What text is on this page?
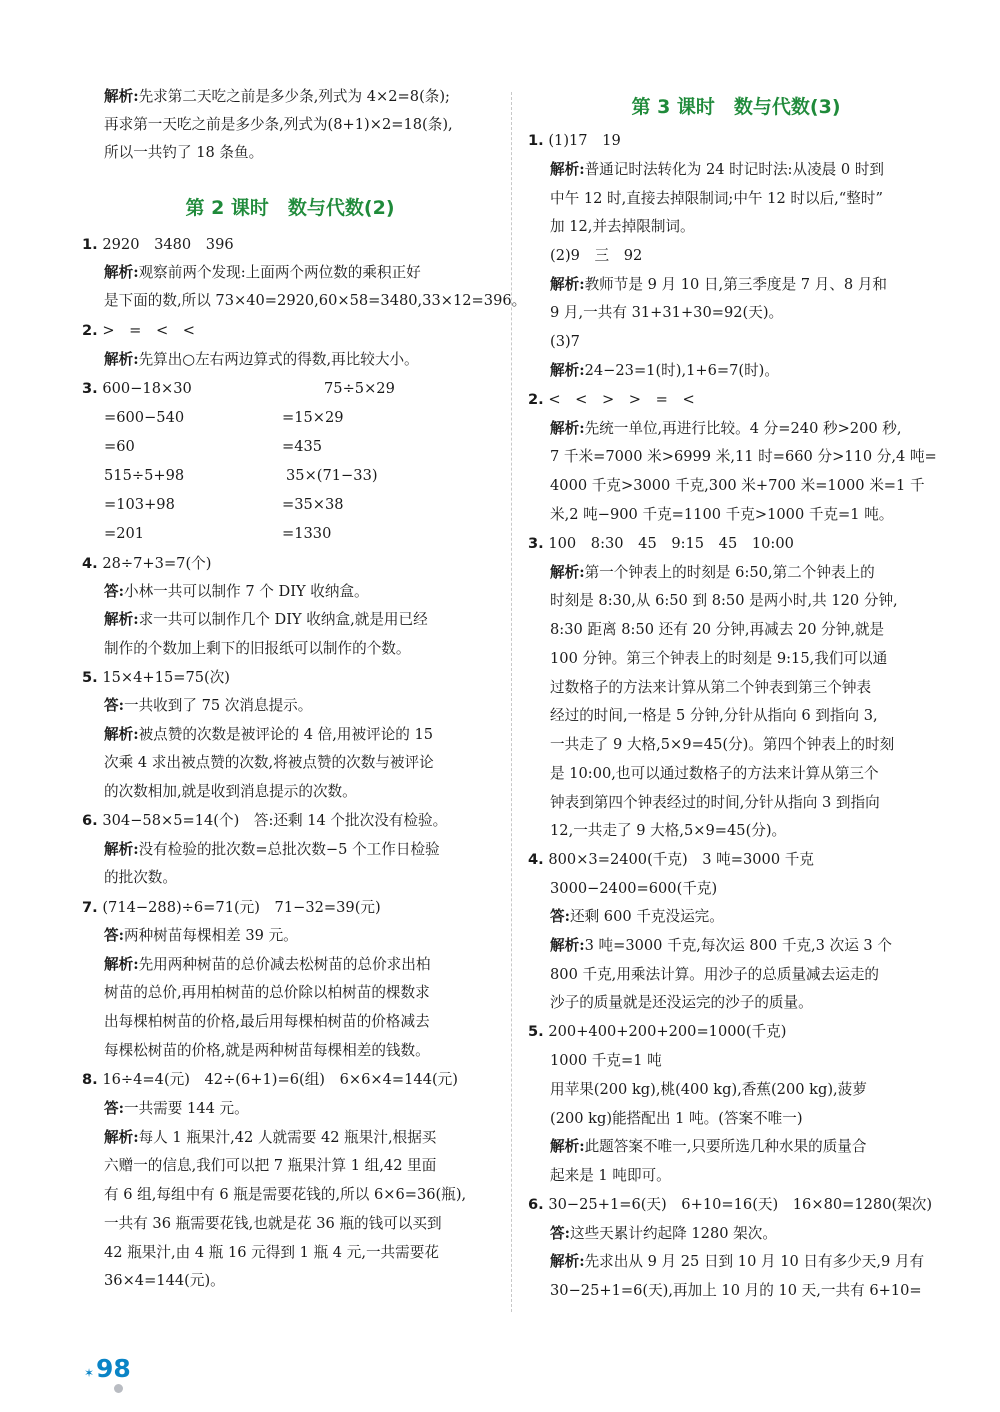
解析:先求第二天吃之前是多少条,列式为 4×2=8(条);
再求第一天吃之前是多少条,列式为(8+1)×2=18(条),
所以一共钓了 18 条鱼。
第 2 课时　数与代数(2)
1. 2920　3480　396
解析:观察前两个发现:上面两个两位数的乘积正好
是下面的数,所以 73×40=2920,60×58=3480,33×12=396。
2. >　=　<　<
解析:先算出○左右两边算式的得数,再比较大小。
3. 600−18×30	75÷5×29
=600−540	=15×29
=60	=435
515÷5+98	35×(71−33)
=103+98	=35×38
=201	=1330
4. 28÷7+3=7(个)
答:小林一共可以制作 7 个 DIY 收纳盒。
解析:求一共可以制作几个 DIY 收纳盒,就是用已经
制作的个数加上剩下的旧报纸可以制作的个数。
5. 15×4+15=75(次)
答:一共收到了 75 次消息提示。
解析:被点赞的次数是被评论的 4 倍,用被评论的 15
次乘 4 求出被点赞的次数,将被点赞的次数与被评论
的次数相加,就是收到消息提示的次数。
6. 304−58×5=14(个)　答:还剩 14 个批次没有检验。
解析:没有检验的批次数=总批次数−5 个工作日检验
的批次数。
7. (714−288)÷6=71(元)　71−32=39(元)
答:两种树苗每棵相差 39 元。
解析:先用两种树苗的总价减去松树苗的总价求出柏
树苗的总价,再用柏树苗的总价除以柏树苗的棵数求
出每棵柏树苗的价格,最后用每棵柏树苗的价格减去
每棵松树苗的价格,就是两种树苗每棵相差的钱数。
8. 16÷4=4(元)　42÷(6+1)=6(组)　6×6×4=144(元)
答:一共需要 144 元。
解析:每人 1 瓶果汁,42 人就需要 42 瓶果汁,根据买
六赠一的信息,我们可以把 7 瓶果汁算 1 组,42 里面
有 6 组,每组中有 6 瓶是需要花钱的,所以 6×6=36(瓶),
一共有 36 瓶需要花钱,也就是花 36 瓶的钱可以买到
42 瓶果汁,由 4 瓶 16 元得到 1 瓶 4 元,一共需要花
36×4=144(元)。
第 3 课时　数与代数(3)
1. (1)17　19
解析:普通记时法转化为 24 时记时法:从凌晨 0 时到
中午 12 时,直接去掉限制词;中午 12 时以后,“整时”
加 12,并去掉限制词。
(2)9　三　92
解析:教师节是 9 月 10 日,第三季度是 7 月、8 月和
9 月,一共有 31+31+30=92(天)。
(3)7
解析:24−23=1(时),1+6=7(时)。
2. <　<　>　>　=　<
解析:先统一单位,再进行比较。4 分=240 秒>200 秒,
7 千米=7000 米>6999 米,11 时=660 分>110 分,4 吨=
4000 千克>3000 千克,300 米+700 米=1000 米=1 千
米,2 吨−900 千克=1100 千克>1000 千克=1 吨。
3. 100　8:30　45　9:15　45　10:00
解析:第一个钟表上的时刻是 6:50,第二个钟表上的
时刻是 8:30,从 6:50 到 8:50 是两小时,共 120 分钟,
8:30 距离 8:50 还有 20 分钟,再减去 20 分钟,就是
100 分钟。第三个钟表上的时刻是 9:15,我们可以通
过数格子的方法来计算从第二个钟表到第三个钟表
经过的时间,一格是 5 分钟,分针从指向 6 到指向 3,
一共走了 9 大格,5×9=45(分)。第四个钟表上的时刻
是 10:00,也可以通过数格子的方法来计算从第三个
钟表到第四个钟表经过的时间,分针从指向 3 到指向
12,一共走了 9 大格,5×9=45(分)。
4. 800×3=2400(千克)　3 吨=3000 千克
3000−2400=600(千克)
答:还剩 600 千克没运完。
解析:3 吨=3000 千克,每次运 800 千克,3 次运 3 个
800 千克,用乘法计算。用沙子的总质量减去运走的
沙子的质量就是还没运完的沙子的质量。
5. 200+400+200+200=1000(千克)
1000 千克=1 吨
用苹果(200 kg),桃(400 kg),香蕉(200 kg),菠萝
(200 kg)能搭配出 1 吨。(答案不唯一)
解析:此题答案不唯一,只要所选几种水果的质量合
起来是 1 吨即可。
6. 30−25+1=6(天)　6+10=16(天)　16×80=1280(架次)
答:这些天累计约起降 1280 架次。
解析:先求出从 9 月 25 日到 10 月 10 日有多少天,9 月有
30−25+1=6(天),再加上 10 月的 10 天,一共有 6+10=
✶ 98
